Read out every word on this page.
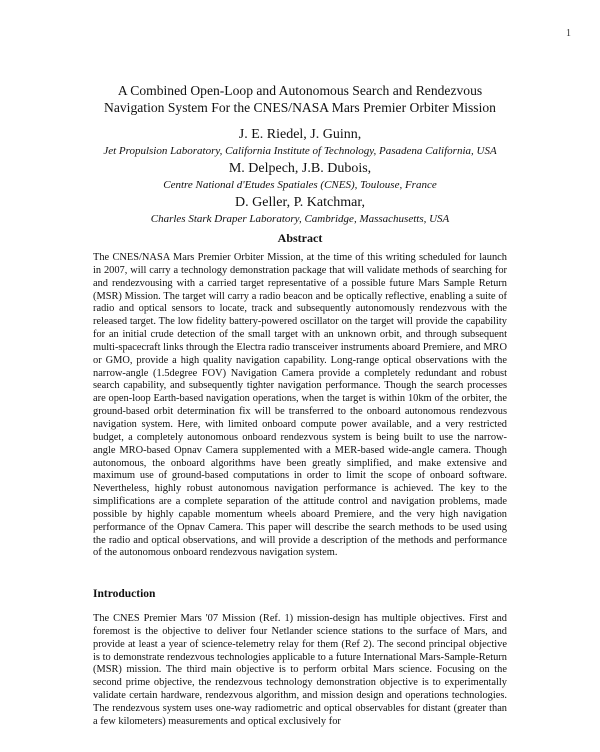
1
A Combined Open-Loop and Autonomous Search and Rendezvous
Navigation System For the CNES/NASA Mars Premier Orbiter Mission
J. E. Riedel, J. Guinn,
Jet Propulsion Laboratory, California Institute of Technology, Pasadena California, USA
M. Delpech, J.B. Dubois,
Centre National d'Etudes Spatiales (CNES), Toulouse, France
D. Geller, P. Katchmar,
Charles Stark Draper Laboratory, Cambridge, Massachusetts, USA
Abstract

The CNES/NASA Mars Premier Orbiter Mission, at the time of this writing scheduled for launch in 2007, will carry a technology demonstration package that will validate methods of searching for and rendezvousing with a carried target representative of a possible future Mars Sample Return (MSR) Mission. The target will carry a radio beacon and be optically reflective, enabling a suite of radio and optical sensors to locate, track and subsequently autonomously rendezvous with the released target. The low fidelity battery-powered oscillator on the target will provide the capability for an initial crude detection of the small target with an unknown orbit, and through subsequent multi-spacecraft links through the Electra radio transceiver instruments aboard Premiere, and MRO or GMO, provide a high quality navigation capability. Long-range optical observations with the narrow-angle (1.5degree FOV) Navigation Camera provide a completely redundant and robust search capability, and subsequently tighter navigation performance. Though the search processes are open-loop Earth-based navigation operations, when the target is within 10km of the orbiter, the ground-based orbit determination fix will be transferred to the onboard autonomous rendezvous navigation system. Here, with limited onboard compute power available, and a very restricted budget, a completely autonomous onboard rendezvous system is being built to use the narrow-angle MRO-based Opnav Camera supplemented with a MER-based wide-angle camera. Though autonomous, the onboard algorithms have been greatly simplified, and make extensive and maximum use of ground-based computations in order to limit the scope of onboard software. Nevertheless, highly robust autonomous navigation performance is achieved. The key to the simplifications are a complete separation of the attitude control and navigation problems, made possible by highly capable momentum wheels aboard Premiere, and the very high navigation performance of the Opnav Camera. This paper will describe the search methods to be used using the radio and optical observations, and will provide a description of the methods and performance of the autonomous onboard rendezvous navigation system.

Introduction

The CNES Premier Mars '07 Mission (Ref. 1) mission-design has multiple objectives. First and foremost is the objective to deliver four Netlander science stations to the surface of Mars, and provide at least a year of science-telemetry relay for them (Ref 2). The second principal objective is to demonstrate rendezvous technologies applicable to a future International Mars-Sample-Return (MSR) mission. The third main objective is to perform orbital Mars science. Focusing on the second prime objective, the rendezvous technology demonstration objective is to experimentally validate certain hardware, rendezvous algorithm, and mission design and operations technologies. The rendezvous system uses one-way radiometric and optical observables for distant (greater than a few kilometers) measurements and optical exclusively for
